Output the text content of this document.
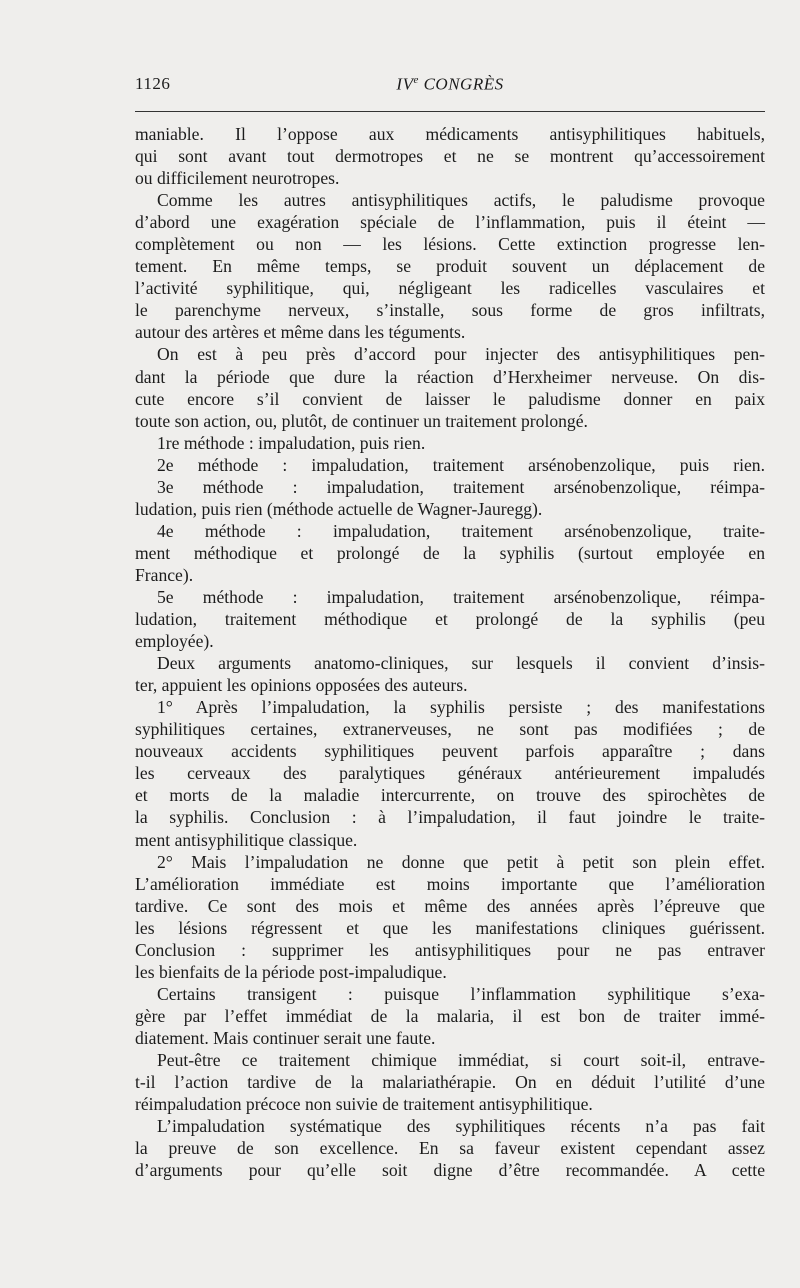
1126	IVe CONGRÈS
maniable. Il l’oppose aux médicaments antisyphilitiques habituels,
qui sont avant tout dermotropes et ne se montrent qu’accessoirement
ou difficilement neurotropes.
Comme les autres antisyphilitiques actifs, le paludisme provoque
d’abord une exagération spéciale de l’inflammation, puis il éteint —
complètement ou non — les lésions. Cette extinction progresse len-
tement. En même temps, se produit souvent un déplacement de
l’activité syphilitique, qui, négligeant les radicelles vasculaires et
le parenchyme nerveux, s’installe, sous forme de gros infiltrats,
autour des artères et même dans les téguments.
On est à peu près d’accord pour injecter des antisyphilitiques pen-
dant la période que dure la réaction d’Herxheimer nerveuse. On dis-
cute encore s’il convient de laisser le paludisme donner en paix
toute son action, ou, plutôt, de continuer un traitement prolongé.
1re méthode : impaludation, puis rien.
2e méthode : impaludation, traitement arsénobenzolique, puis rien.
3e méthode : impaludation, traitement arsénobenzolique, réimpa-
ludation, puis rien (méthode actuelle de Wagner-Jauregg).
4e méthode : impaludation, traitement arsénobenzolique, traite-
ment méthodique et prolongé de la syphilis (surtout employée en
France).
5e méthode : impaludation, traitement arsénobenzolique, réimpa-
ludation, traitement méthodique et prolongé de la syphilis (peu
employée).
Deux arguments anatomo-cliniques, sur lesquels il convient d’insis-
ter, appuient les opinions opposées des auteurs.
1° Après l’impaludation, la syphilis persiste ; des manifestations
syphilitiques certaines, extranerveuses, ne sont pas modifiées ; de
nouveaux accidents syphilitiques peuvent parfois apparaître ; dans
les cerveaux des paralytiques généraux antérieurement impaludés
et morts de la maladie intercurrente, on trouve des spirochètes de
la syphilis. Conclusion : à l’impaludation, il faut joindre le traite-
ment antisyphilitique classique.
2° Mais l’impaludation ne donne que petit à petit son plein effet.
L’amélioration immédiate est moins importante que l’amélioration
tardive. Ce sont des mois et même des années après l’épreuve que
les lésions régressent et que les manifestations cliniques guérissent.
Conclusion : supprimer les antisyphilitiques pour ne pas entraver
les bienfaits de la période post-impaludique.
Certains transigent : puisque l’inflammation syphilitique s’exa-
gère par l’effet immédiat de la malaria, il est bon de traiter immé-
diatement. Mais continuer serait une faute.
Peut-être ce traitement chimique immédiat, si court soit-il, entrave-
t-il l’action tardive de la malariathérapie. On en déduit l’utilité d’une
réimpaludation précoce non suivie de traitement antisyphilitique.
L’impaludation systématique des syphilitiques récents n’a pas fait
la preuve de son excellence. En sa faveur existent cependant assez
d’arguments pour qu’elle soit digne d’être recommandée. A cette
